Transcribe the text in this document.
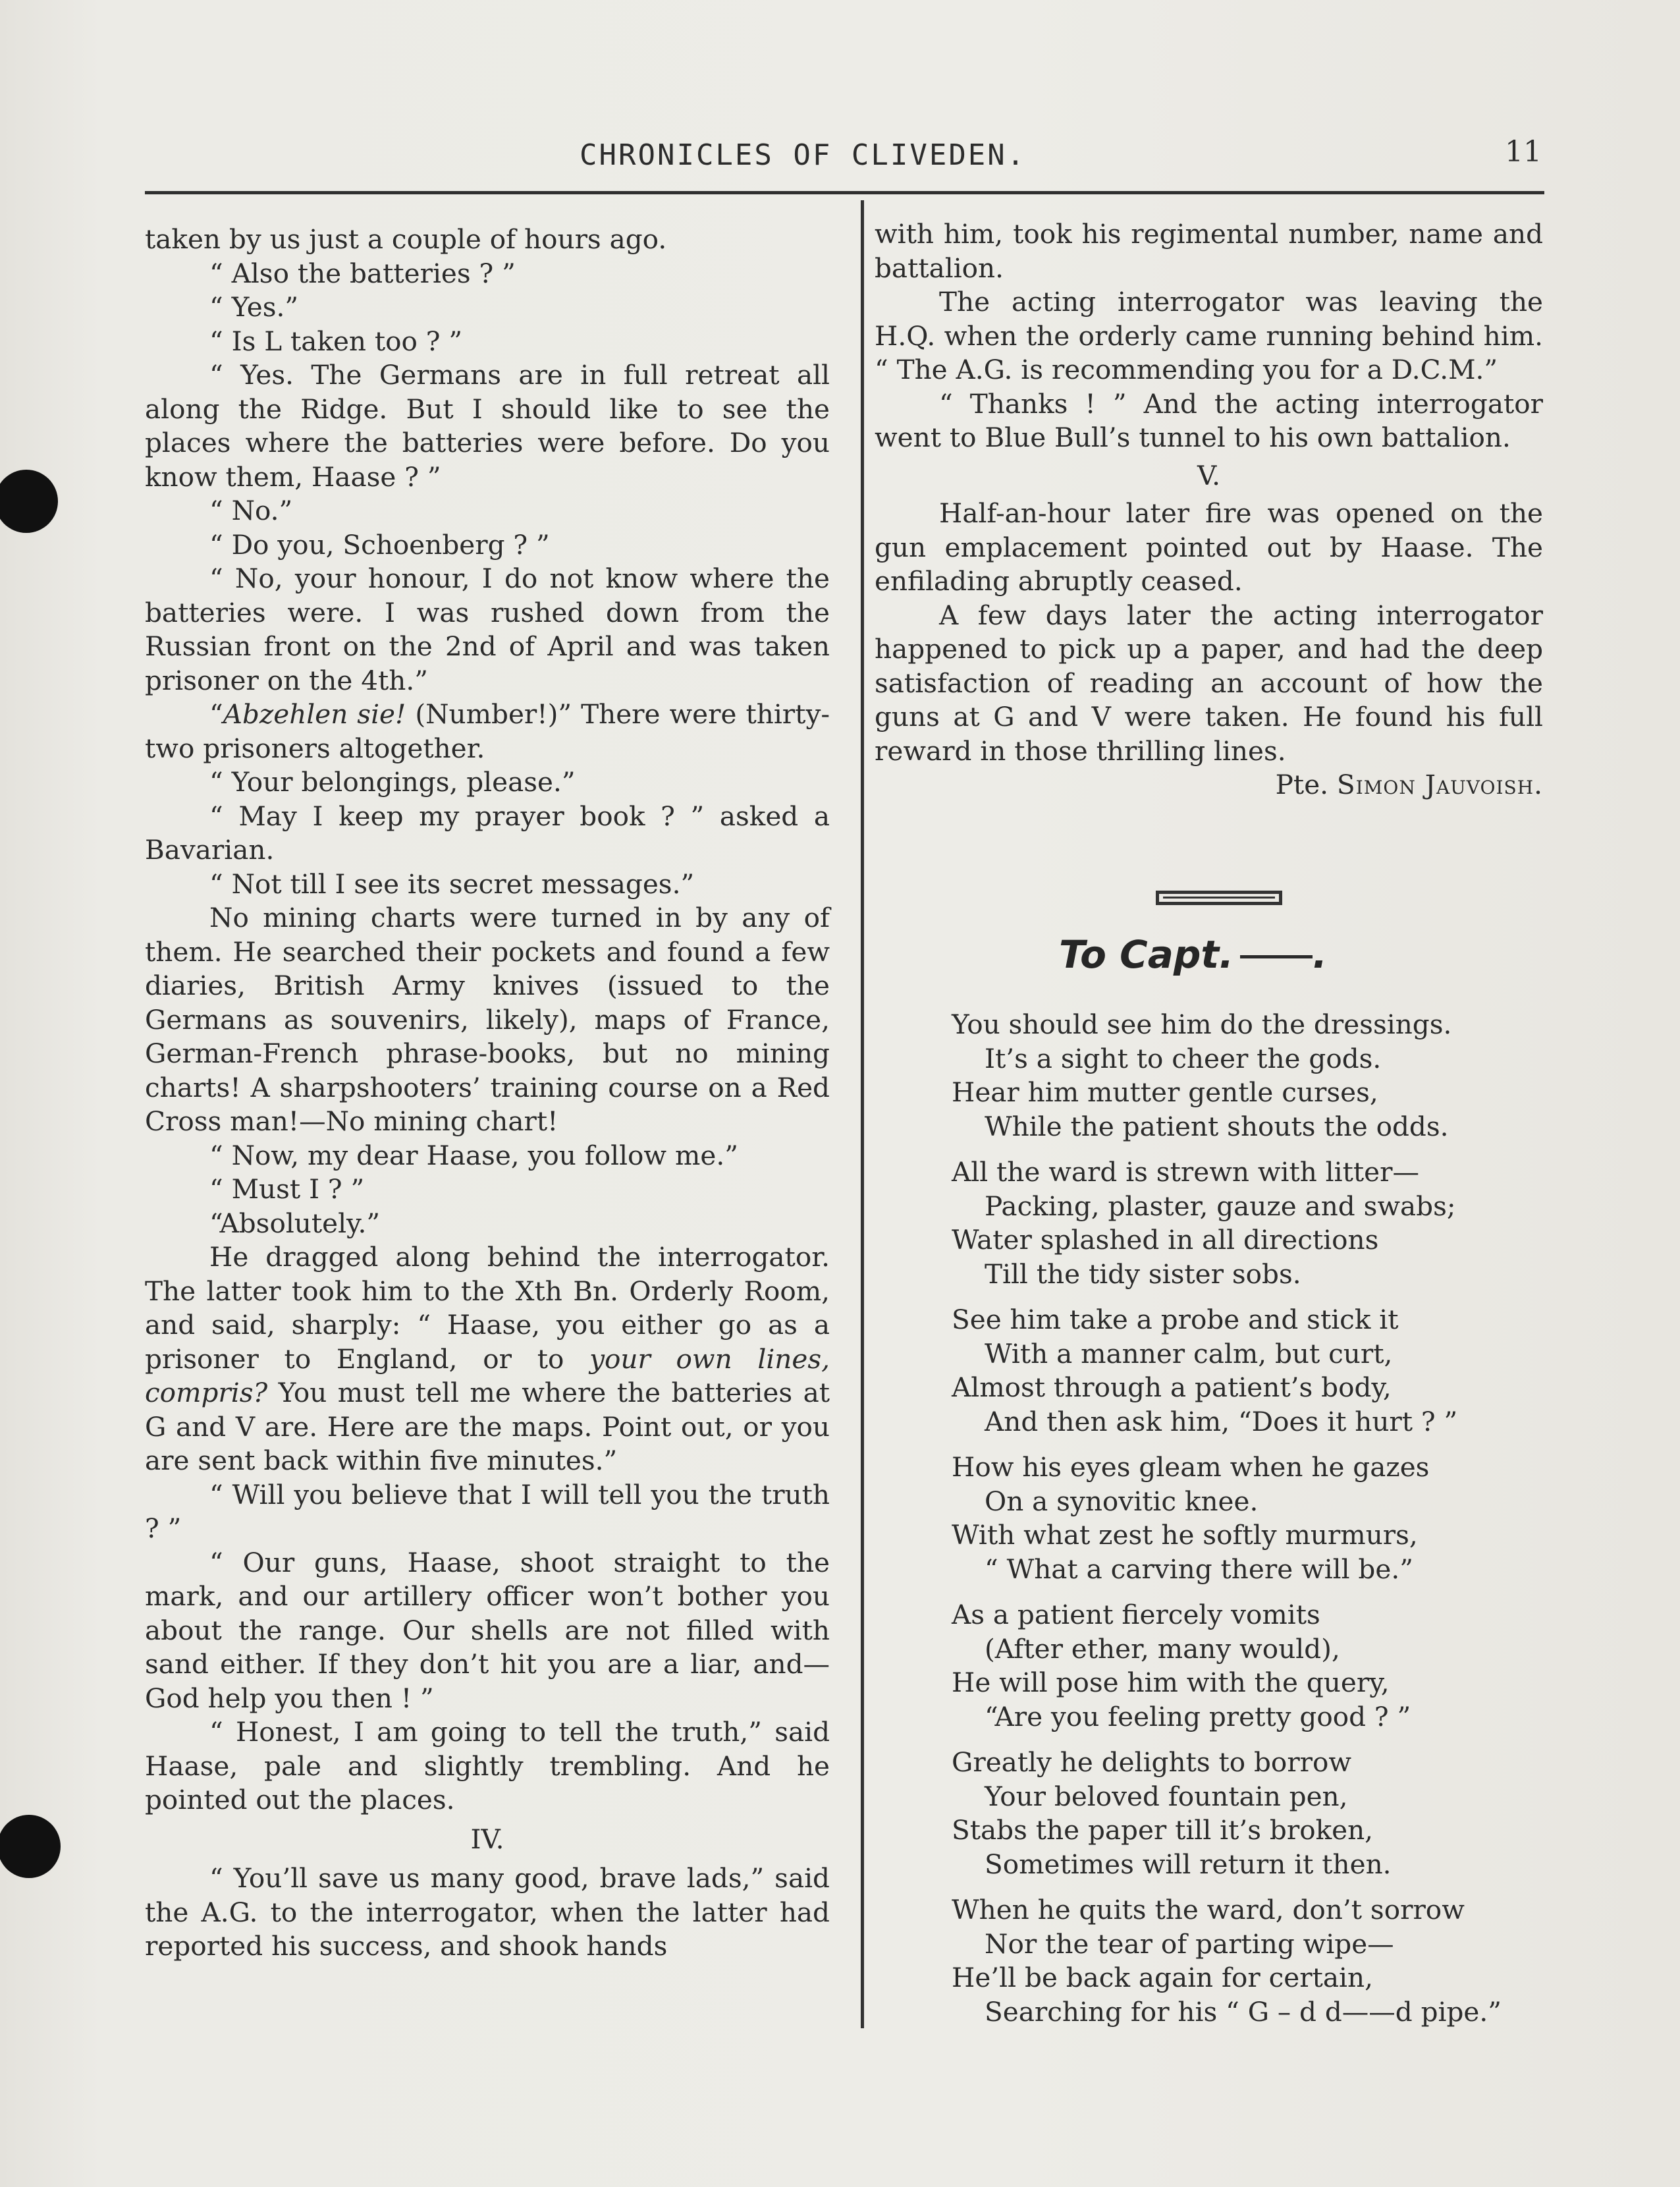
CHRONICLES OF CLIVEDEN.	11

taken by us just a couple of hours ago.

“ Also the batteries ? ”

“ Yes.”

“ Is L taken too ? ”

“ Yes. The Germans are in full retreat all along the Ridge. But I should like to see the places where the batteries were before. Do you know them, Haase ? ”

“ No.”

“ Do you, Schoenberg ? ”

“ No, your honour, I do not know where the batteries were. I was rushed down from the Russian front on the 2nd of April and was taken prisoner on the 4th.”

“Abzehlen sie! (Number!)” There were thirty-two prisoners altogether.

“ Your belongings, please.”

“ May I keep my prayer book ? ” asked a Bavarian.

“ Not till I see its secret messages.”

No mining charts were turned in by any of them. He searched their pockets and found a few diaries, British Army knives (issued to the Germans as souvenirs, likely), maps of France, German-French phrase-books, but no mining charts! A sharpshooters’ training course on a Red Cross man!—No mining chart!

“ Now, my dear Haase, you follow me.”

“ Must I ? ”

“Absolutely.”

He dragged along behind the interrogator. The latter took him to the Xth Bn. Orderly Room, and said, sharply: “ Haase, you either go as a prisoner to England, or to your own lines, compris? You must tell me where the batteries at G and V are. Here are the maps. Point out, or you are sent back within five minutes.”

“ Will you believe that I will tell you the truth ? ”

“ Our guns, Haase, shoot straight to the mark, and our artillery officer won’t bother you about the range. Our shells are not filled with sand either. If they don’t hit you are a liar, and—God help you then ! ”

“ Honest, I am going to tell the truth,” said Haase, pale and slightly trembling. And he pointed out the places.

IV.

“ You’ll save us many good, brave lads,” said the A.G. to the interrogator, when the latter had reported his success, and shook hands

with him, took his regimental number, name and battalion.

The acting interrogator was leaving the H.Q. when the orderly came running behind him. “ The A.G. is recommending you for a D.C.M.”

“ Thanks ! ” And the acting interrogator went to Blue Bull’s tunnel to his own battalion.

V.

Half-an-hour later fire was opened on the gun emplacement pointed out by Haase. The enfilading abruptly ceased.

A few days later the acting interrogator happened to pick up a paper, and had the deep satisfaction of reading an account of how the guns at G and V were taken. He found his full reward in those thrilling lines.

Pte. Simon Jauvoish.

To Capt. .
You should see him do the dressings.
It’s a sight to cheer the gods.
Hear him mutter gentle curses,
While the patient shouts the odds.
All the ward is strewn with litter—
Packing, plaster, gauze and swabs;
Water splashed in all directions
Till the tidy sister sobs.
See him take a probe and stick it
With a manner calm, but curt,
Almost through a patient’s body,
And then ask him, “Does it hurt ? ”
How his eyes gleam when he gazes
On a synovitic knee.
With what zest he softly murmurs,
“ What a carving there will be.”
As a patient fiercely vomits
(After ether, many would),
He will pose him with the query,
“Are you feeling pretty good ? ”
Greatly he delights to borrow
Your beloved fountain pen,
Stabs the paper till it’s broken,
Sometimes will return it then.
When he quits the ward, don’t sorrow
Nor the tear of parting wipe—
He’ll be back again for certain,
Searching for his “ G – d d——d pipe.”
